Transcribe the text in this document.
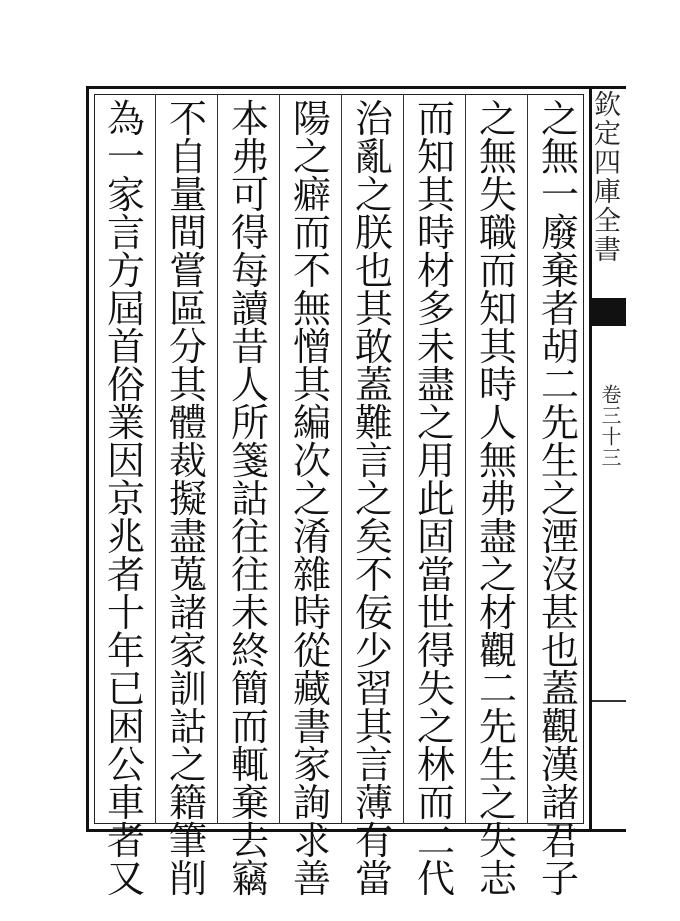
之
無
一
廢
棄
者
胡
二
先
生
之
湮
沒
甚
也
蓋
觀
漢
諸
君
子
之
無
失
職
而
知
其
時
人
無
弗
盡
之
材
觀
二
先
生
之
失
志
而
知
其
時
材
多
未
盡
之
用
此
固
當
世
得
失
之
林
而
二
代
治
亂
之
朕
也
其
敢
蓋
難
言
之
矣
不
佞
少
習
其
言
薄
有
當
陽
之
癖
而
不
無
憎
其
編
次
之
淆
雜
時
從
藏
書
家
詢
求
善
本
弗
可
得
每
讀
昔
人
所
箋
詁
往
往
未
終
簡
而
輒
棄
去
竊
不
自
量
間
嘗
區
分
其
體
裁
擬
盡
蒐
諸
家
訓
詁
之
籍
筆
削
為
一
家
言
方
屆
首
俗
業
因
京
兆
者
十
年
已
困
公
車
者
又
欽定四庫全書
卷三十三
